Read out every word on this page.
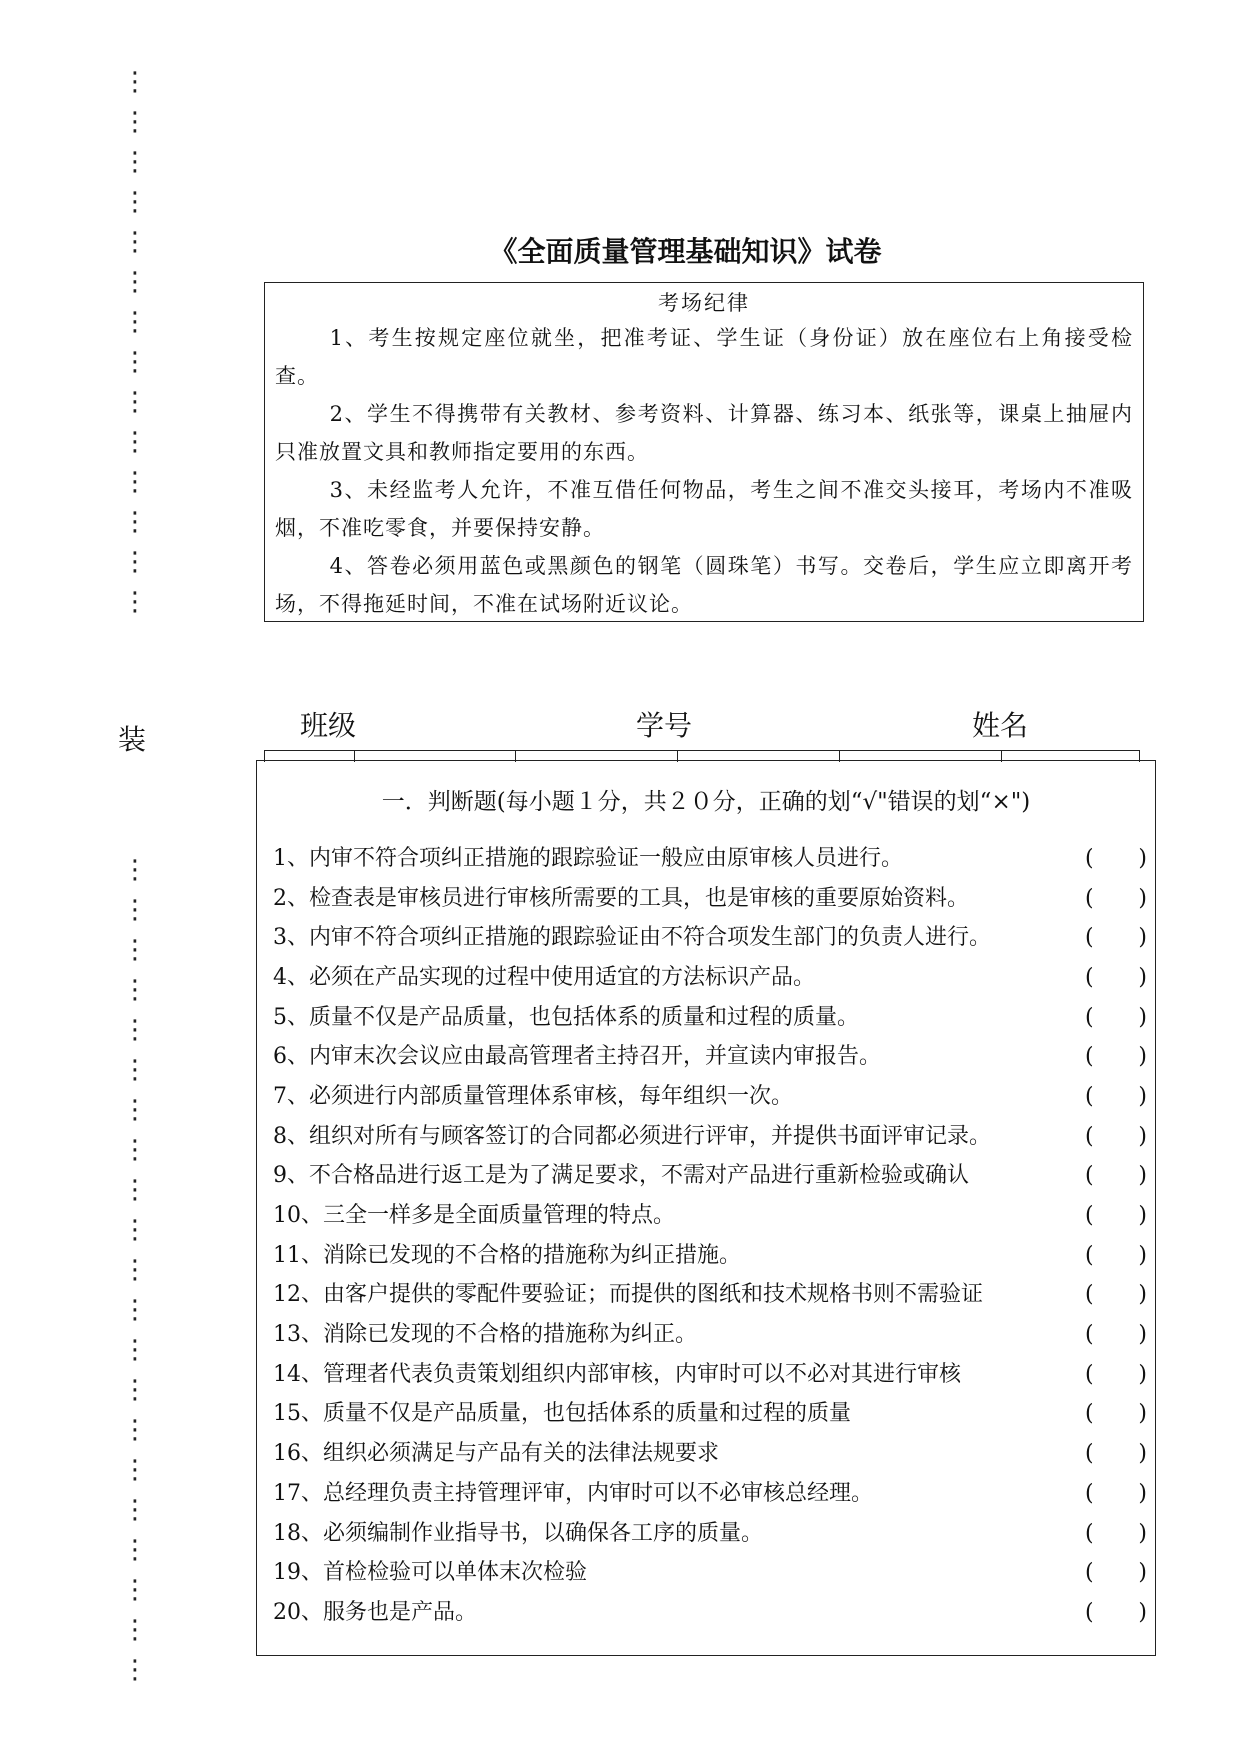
⋮
⋮
⋮
⋮
⋮
⋮
⋮
⋮
⋮
⋮
⋮
⋮
⋮
⋮
装
⋮
⋮
⋮
⋮
⋮
⋮
⋮
⋮
⋮
⋮
⋮
⋮
⋮
⋮
⋮
⋮
⋮
⋮
⋮
⋮
⋮
《全面质量管理基础知识》试卷
考场纪律
1、考生按规定座位就坐，把准考证、学生证（身份证）放在座位右上角接受检查。
2、学生不得携带有关教材、参考资料、计算器、练习本、纸张等，课桌上抽屉内只准放置文具和教师指定要用的东西。
3、未经监考人允许，不准互借任何物品，考生之间不准交头接耳，考场内不准吸烟，不准吃零食，并要保持安静。
4、答卷必须用蓝色或黑颜色的钢笔（圆珠笔）书写。交卷后，学生应立即离开考场，不得拖延时间，不准在试场附近议论。
班级	学号	姓名
一．判断题(每小题１分，共２０分，正确的划“√"错误的划“×")
1、内审不符合项纠正措施的跟踪验证一般应由原审核人员进行。	( )
2、检查表是审核员进行审核所需要的工具，也是审核的重要原始资料。	( )
3、内审不符合项纠正措施的跟踪验证由不符合项发生部门的负责人进行。	( )
4、必须在产品实现的过程中使用适宜的方法标识产品。	( )
5、质量不仅是产品质量，也包括体系的质量和过程的质量。	( )
6、内审末次会议应由最高管理者主持召开，并宣读内审报告。	( )
7、必须进行内部质量管理体系审核，每年组织一次。	( )
8、组织对所有与顾客签订的合同都必须进行评审，并提供书面评审记录。	( )
9、不合格品进行返工是为了满足要求，不需对产品进行重新检验或确认	( )
10、三全一样多是全面质量管理的特点。	( )
11、消除已发现的不合格的措施称为纠正措施。	( )
12、由客户提供的零配件要验证；而提供的图纸和技术规格书则不需验证	( )
13、消除已发现的不合格的措施称为纠正。	( )
14、管理者代表负责策划组织内部审核，内审时可以不必对其进行审核	( )
15、质量不仅是产品质量，也包括体系的质量和过程的质量	( )
16、组织必须满足与产品有关的法律法规要求	( )
17、总经理负责主持管理评审，内审时可以不必审核总经理。	( )
18、必须编制作业指导书，以确保各工序的质量。	( )
19、首检检验可以单体末次检验	( )
20、服务也是产品。	( )
